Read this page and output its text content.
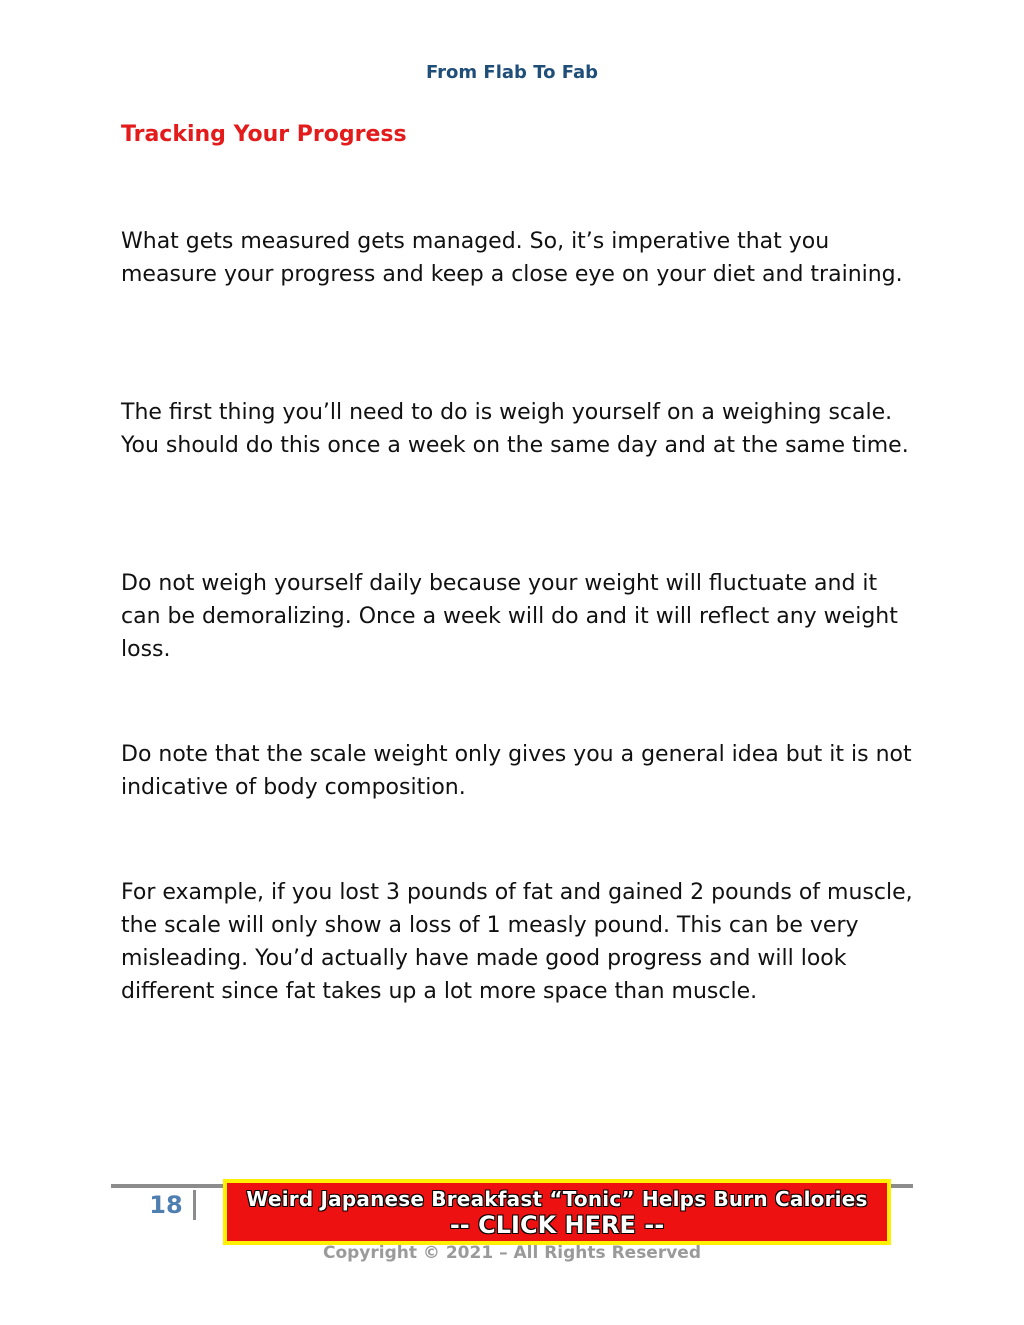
From Flab To Fab
Tracking Your Progress

What gets measured gets managed. So, it’s imperative that you measure your progress and keep a close eye on your diet and training.

The first thing you’ll need to do is weigh yourself on a weighing scale. You should do this once a week on the same day and at the same time.

Do not weigh yourself daily because your weight will fluctuate and it can be demoralizing. Once a week will do and it will reflect any weight loss.

Do note that the scale weight only gives you a general idea but it is not indicative of body composition.

For example, if you lost 3 pounds of fat and gained 2 pounds of muscle, the scale will only show a loss of 1 measly pound. This can be very misleading. You’d actually have made good progress and will look different since fat takes up a lot more space than muscle.

18	Weird Japanese Breakfast “Tonic” Helps Burn Calories
-- CLICK HERE --
Copyright © 2021 – All Rights Reserved
